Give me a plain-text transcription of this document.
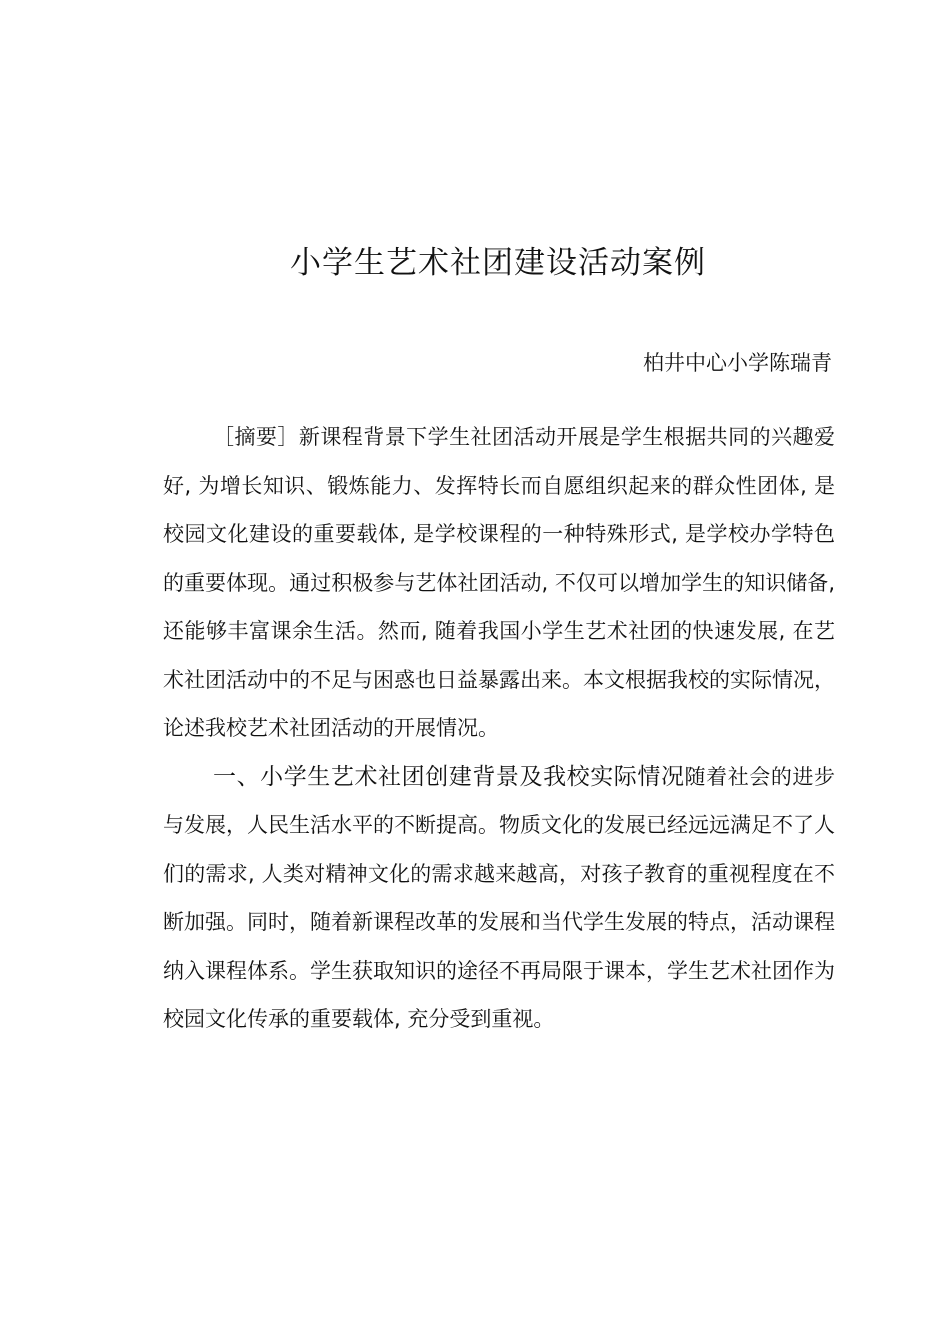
小学生艺术社团建设活动案例

柏井中心小学陈瑞青

［摘要］新课程背景下学生社团活动开展是学生根据共同的兴趣爱好, 为增长知识、锻炼能力、发挥特长而自愿组织起来的群众性团体, 是校园文化建设的重要载体, 是学校课程的一种特殊形式, 是学校办学特色的重要体现。通过积极参与艺体社团活动, 不仅可以增加学生的知识储备, 还能够丰富课余生活。然而, 随着我国小学生艺术社团的快速发展, 在艺术社团活动中的不足与困惑也日益暴露出来。本文根据我校的实际情况，论述我校艺术社团活动的开展情况。

一、小学生艺术社团创建背景及我校实际情况随着社会的进步与发展，人民生活水平的不断提高。物质文化的发展已经远远满足不了人们的需求, 人类对精神文化的需求越来越高，对孩子教育的重视程度在不断加强。同时，随着新课程改革的发展和当代学生发展的特点，活动课程纳入课程体系。学生获取知识的途径不再局限于课本，学生艺术社团作为校园文化传承的重要载体, 充分受到重视。
